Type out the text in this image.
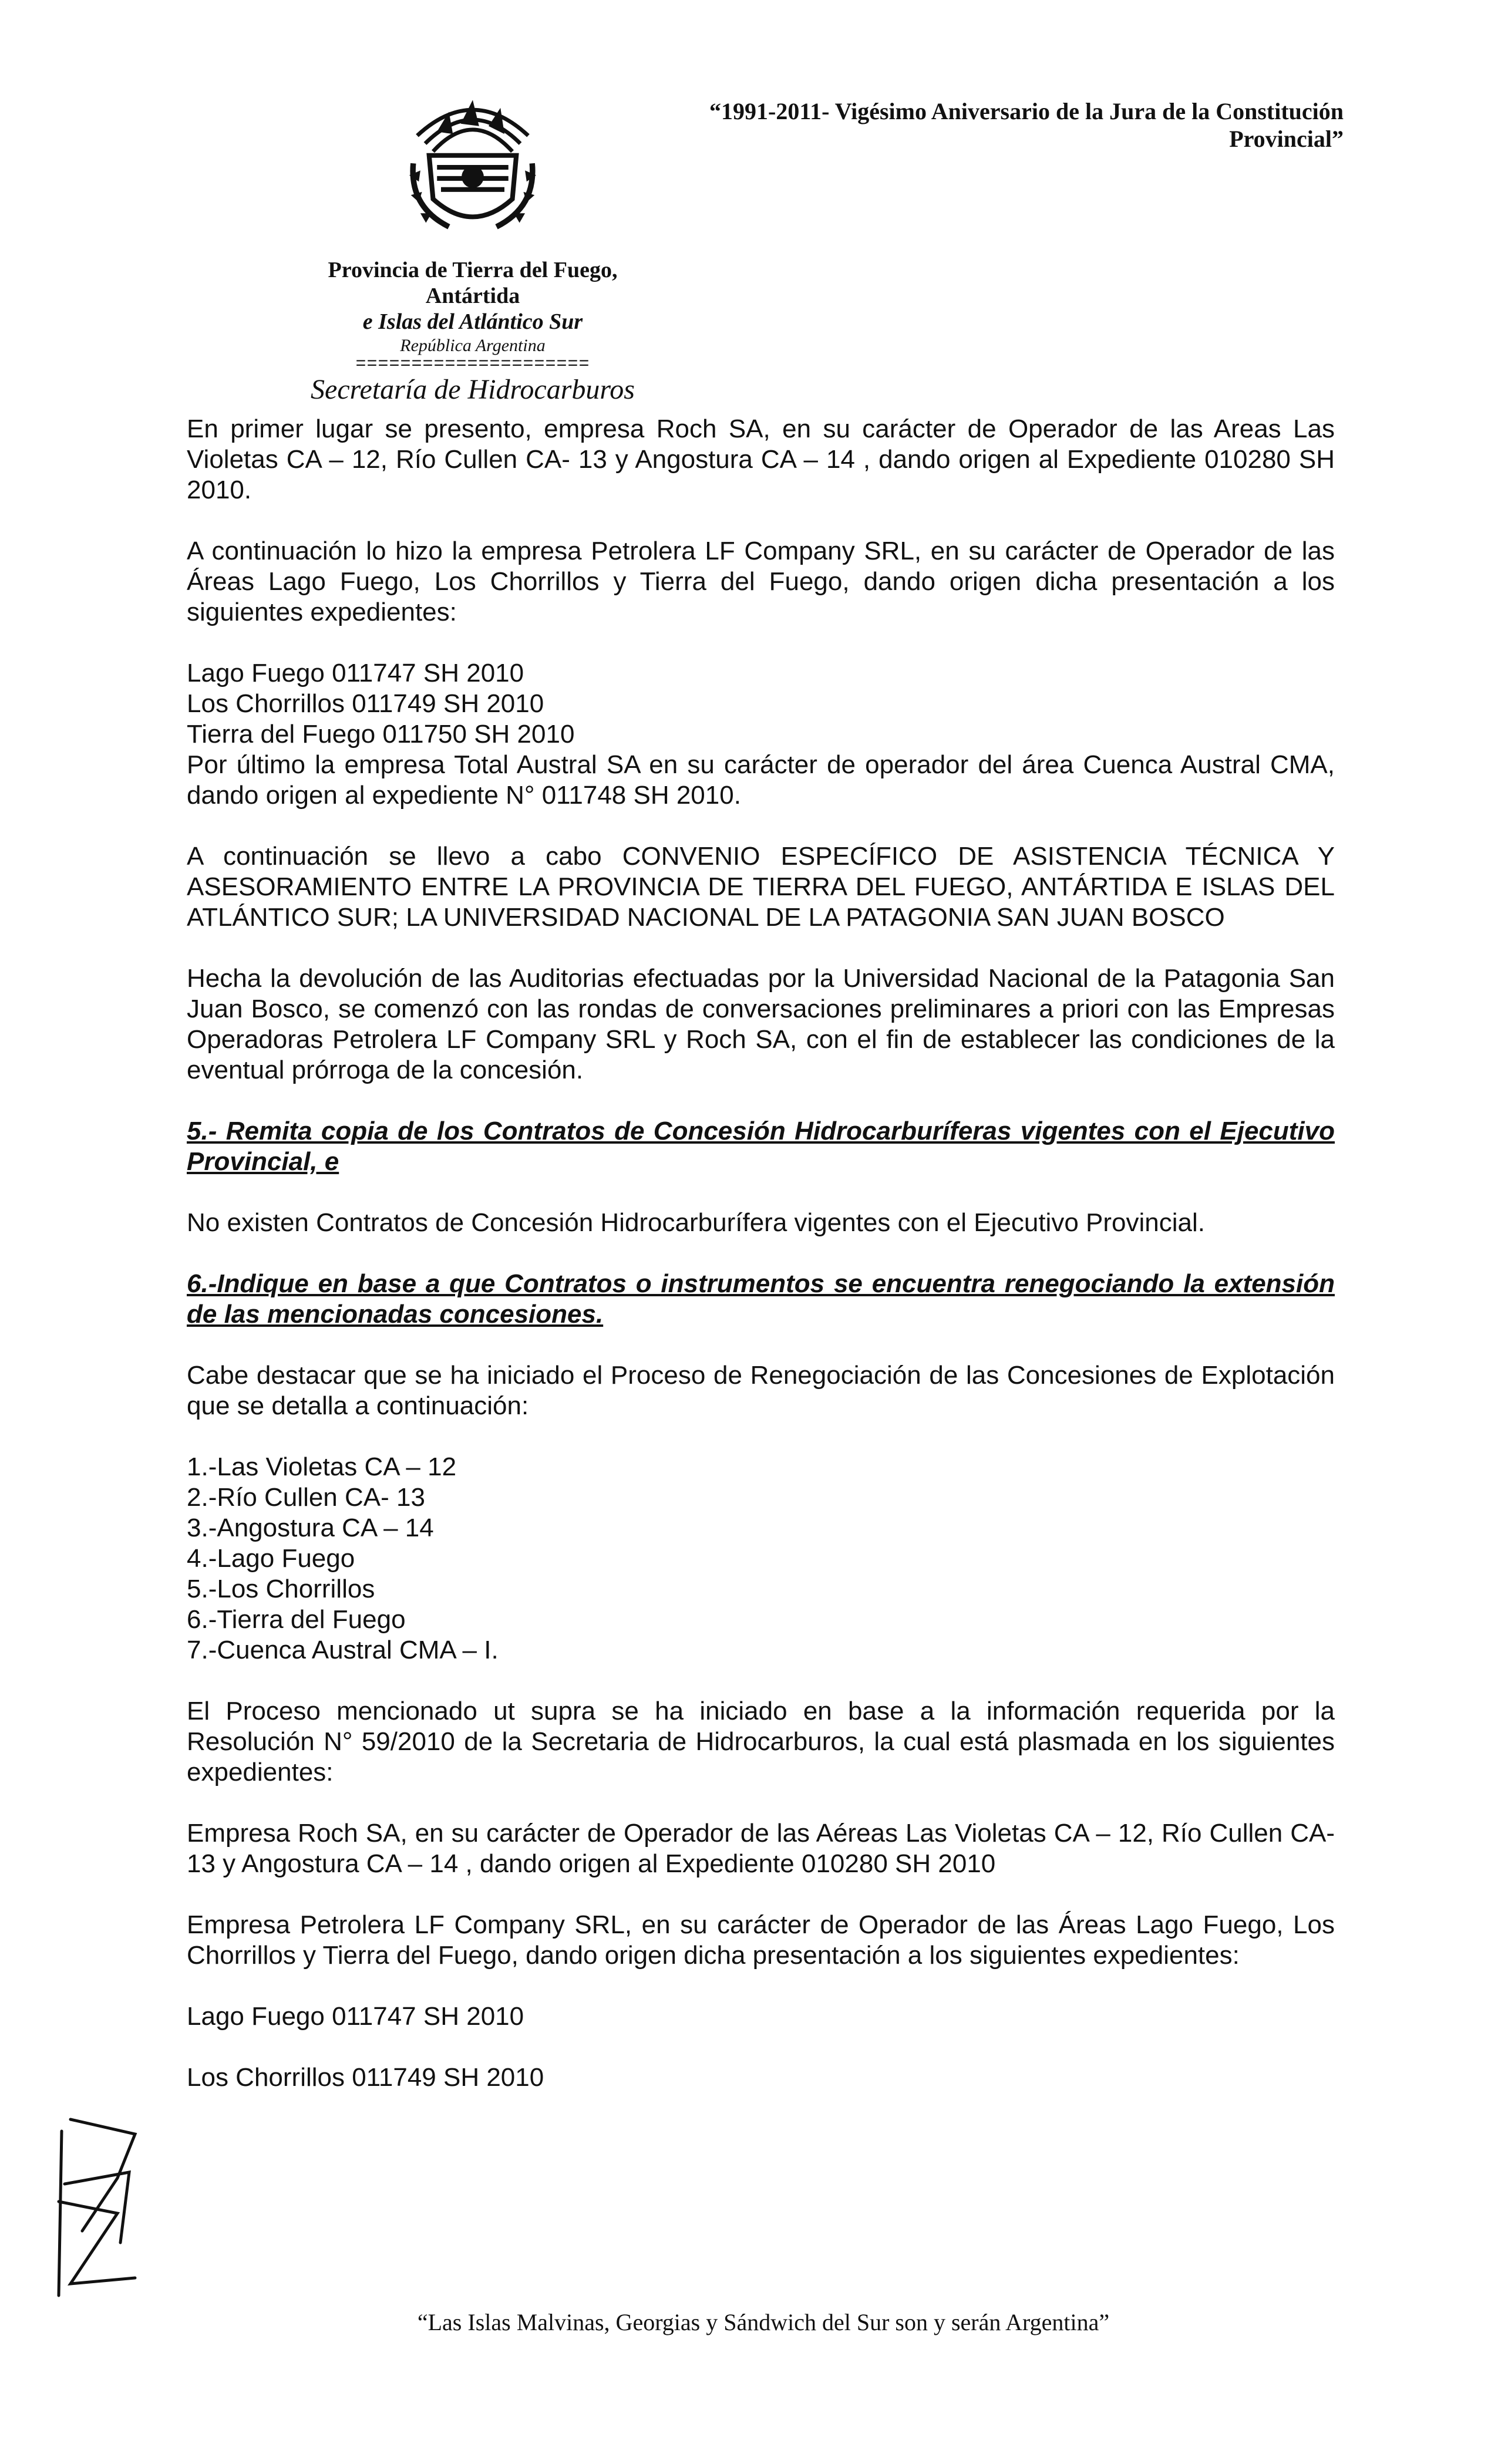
“1991-2011- Vigésimo Aniversario de la Jura de la Constitución Provincial”
Provincia de Tierra del Fuego, Antártida
e Islas del Atlántico Sur
República Argentina
=====================
Secretaría de Hidrocarburos

En primer lugar se presento, empresa Roch SA, en su carácter de Operador de las Areas Las Violetas CA – 12, Río Cullen CA- 13 y Angostura CA – 14 , dando origen al Expediente 010280 SH 2010.

A continuación lo hizo la empresa Petrolera LF Company SRL, en su carácter de Operador de las Áreas Lago Fuego, Los Chorrillos y Tierra del Fuego, dando origen dicha presentación a los siguientes expedientes:

Lago Fuego 011747 SH 2010

Los Chorrillos 011749 SH 2010

Tierra del Fuego 011750 SH 2010

Por último la empresa Total Austral SA en su carácter de operador del área Cuenca Austral CMA, dando origen al expediente N° 011748 SH 2010.

A continuación se llevo a cabo CONVENIO ESPECÍFICO DE ASISTENCIA TÉCNICA Y ASESORAMIENTO ENTRE LA PROVINCIA DE TIERRA DEL FUEGO, ANTÁRTIDA E ISLAS DEL ATLÁNTICO SUR; LA UNIVERSIDAD NACIONAL DE LA PATAGONIA SAN JUAN BOSCO

Hecha la devolución de las Auditorias efectuadas por la Universidad Nacional de la Patagonia San Juan Bosco, se comenzó con las rondas de conversaciones preliminares a priori con las Empresas Operadoras Petrolera LF Company SRL y Roch SA, con el fin de establecer las condiciones de la eventual prórroga de la concesión.

5.- Remita copia de los Contratos de Concesión Hidrocarburíferas vigentes con el Ejecutivo Provincial, e

No existen Contratos de Concesión Hidrocarburífera vigentes con el Ejecutivo Provincial.

6.-Indique en base a que Contratos o instrumentos se encuentra renegociando la extensión de las mencionadas concesiones.

Cabe destacar que se ha iniciado el Proceso de Renegociación de las Concesiones de Explotación que se detalla a continuación:

1.-Las Violetas CA – 12
2.-Río Cullen CA- 13
3.-Angostura CA – 14
4.-Lago Fuego
5.-Los Chorrillos
6.-Tierra del Fuego
7.-Cuenca Austral CMA – I.

El Proceso mencionado ut supra se ha iniciado en base a la información requerida por la Resolución N° 59/2010 de la Secretaria de Hidrocarburos, la cual está plasmada en los siguientes expedientes:

Empresa Roch SA, en su carácter de Operador de las Aéreas Las Violetas CA – 12, Río Cullen CA- 13 y Angostura CA – 14 , dando origen al Expediente 010280 SH 2010

Empresa Petrolera LF Company SRL, en su carácter de Operador de las Áreas Lago Fuego, Los Chorrillos y Tierra del Fuego, dando origen dicha presentación a los siguientes expedientes:

Lago Fuego 011747 SH 2010

Los Chorrillos 011749 SH 2010

“Las Islas Malvinas, Georgias y Sándwich del Sur son y serán Argentina”
